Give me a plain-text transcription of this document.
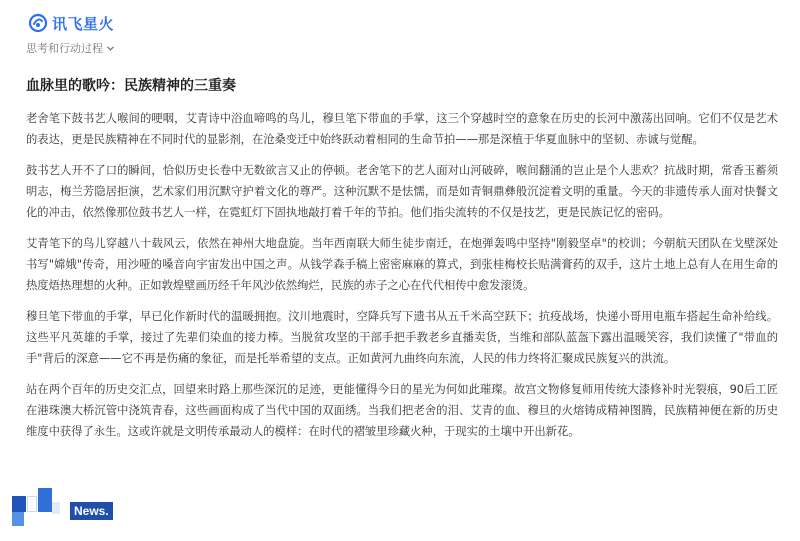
讯飞星火
思考和行动过程
血脉里的歌吟：民族精神的三重奏

老舍笔下鼓书艺人喉间的哽咽，艾青诗中浴血啼鸣的鸟儿，穆旦笔下带血的手掌，这三个穿越时空的意象在历史的长河中激荡出回响。它们不仅是艺术的表达，更是民族精神在不同时代的显影剂，在沧桑变迁中始终跃动着相同的生命节拍——那是深植于华夏血脉中的坚韧、赤诚与觉醒。

鼓书艺人开不了口的瞬间，恰似历史长卷中无数欲言又止的停顿。老舍笔下的艺人面对山河破碎，喉间翻涌的岂止是个人悲欢？抗战时期，常香玉蓄须明志，梅兰芳隐居拒演，艺术家们用沉默守护着文化的尊严。这种沉默不是怯懦，而是如青铜鼎彝般沉淀着文明的重量。今天的非遗传承人面对快餐文化的冲击，依然像那位鼓书艺人一样，在霓虹灯下固执地敲打着千年的节拍。他们指尖流转的不仅是技艺，更是民族记忆的密码。

艾青笔下的鸟儿穿越八十载风云，依然在神州大地盘旋。当年西南联大师生徒步南迁，在炮弹轰鸣中坚持"刚毅坚卓"的校训；今朝航天团队在戈壁深处书写"嫦娥"传奇，用沙哑的嗓音向宇宙发出中国之声。从钱学森手稿上密密麻麻的算式，到张桂梅校长贴满膏药的双手，这片土地上总有人在用生命的热度焐热理想的火种。正如敦煌壁画历经千年风沙依然绚烂，民族的赤子之心在代代相传中愈发滚烫。

穆旦笔下带血的手掌，早已化作新时代的温暖拥抱。汶川地震时，空降兵写下遗书从五千米高空跃下；抗疫战场，快递小哥用电瓶车搭起生命补给线。这些平凡英雄的手掌，接过了先辈们染血的接力棒。当脱贫攻坚的干部手把手教老乡直播卖货，当维和部队蓝盔下露出温暖笑容，我们读懂了"带血的手"背后的深意——它不再是伤痛的象征，而是托举希望的支点。正如黄河九曲终向东流，人民的伟力终将汇聚成民族复兴的洪流。

站在两个百年的历史交汇点，回望来时路上那些深沉的足迹，更能懂得今日的星光为何如此璀璨。故宫文物修复师用传统大漆修补时光裂痕，90后工匠在港珠澳大桥沉管中浇筑青春，这些画面构成了当代中国的双面绣。当我们把老舍的泪、艾青的血、穆旦的火熔铸成精神图腾，民族精神便在新的历史维度中获得了永生。这或许就是文明传承最动人的模样：在时代的褶皱里珍藏火种，于现实的土壤中开出新花。

News.
